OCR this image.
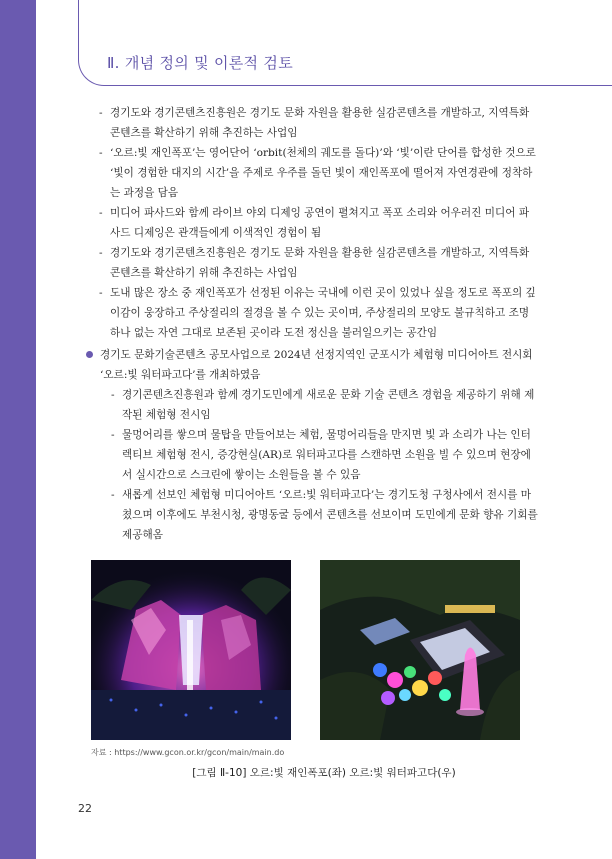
Ⅱ. 개념 정의 및 이론적 검토
- 경기도와 경기콘텐츠진흥원은 경기도 문화 자원을 활용한 실감콘텐츠를 개발하고, 지역특화 콘텐츠를 확산하기 위해 추진하는 사업임
- ‘오르:빛 재인폭포’는 영어단어 ‘orbit(천체의 궤도를 돌다)’와 ‘빛’이란 단어를 합성한 것으로 ‘빛이 경험한 대지의 시간’을 주제로 우주를 돌던 빛이 재인폭포에 떨어져 자연경관에 정착하는 과정을 담음
- 미디어 파사드와 함께 라이브 야외 디제잉 공연이 펼쳐지고 폭포 소리와 어우러진 미디어 파사드 디제잉은 관객들에게 이색적인 경험이 됨
- 경기도와 경기콘텐츠진흥원은 경기도 문화 자원을 활용한 실감콘텐츠를 개발하고, 지역특화 콘텐츠를 확산하기 위해 추진하는 사업임
- 도내 많은 장소 중 재인폭포가 선정된 이유는 국내에 이런 곳이 있었나 싶을 정도로 폭포의 깊이감이 웅장하고 주상절리의 절경을 볼 수 있는 곳이며, 주상절리의 모양도 불규칙하고 조명하나 없는 자연 그대로 보존된 곳이라 도전 정신을 불러일으키는 공간임
경기도 문화기술콘텐츠 공모사업으로 2024년 선정지역인 군포시가 체험형 미디어아트 전시회 ‘오르:빛 워터파고다’를 개최하였음
- 경기콘텐츠진흥원과 함께 경기도민에게 새로운 문화 기술 콘텐츠 경험을 제공하기 위해 제작된 체험형 전시임
- 물멍어리를 쌓으며 물탑을 만들어보는 체험, 물멍어리들을 만지면 빛 과 소리가 나는 인터렉티브 체험형 전시, 증강현실(AR)로 워터파고다를 스캔하면 소원을 빌 수 있으며 현장에서 실시간으로 스크린에 쌓이는 소원들을 볼 수 있음
- 새롭게 선보인 체험형 미디어아트 ‘오르:빛 워터파고다’는 경기도청 구청사에서 전시를 마쳤으며 이후에도 부천시청, 광명동굴 등에서 콘텐츠를 선보이며 도민에게 문화 향유 기회를 제공해옴
자료 : https://www.gcon.or.kr/gcon/main/main.do
[그림 Ⅱ-10] 오르:빛 재인폭포(좌) 오르:빛 워터파고다(우)
22
